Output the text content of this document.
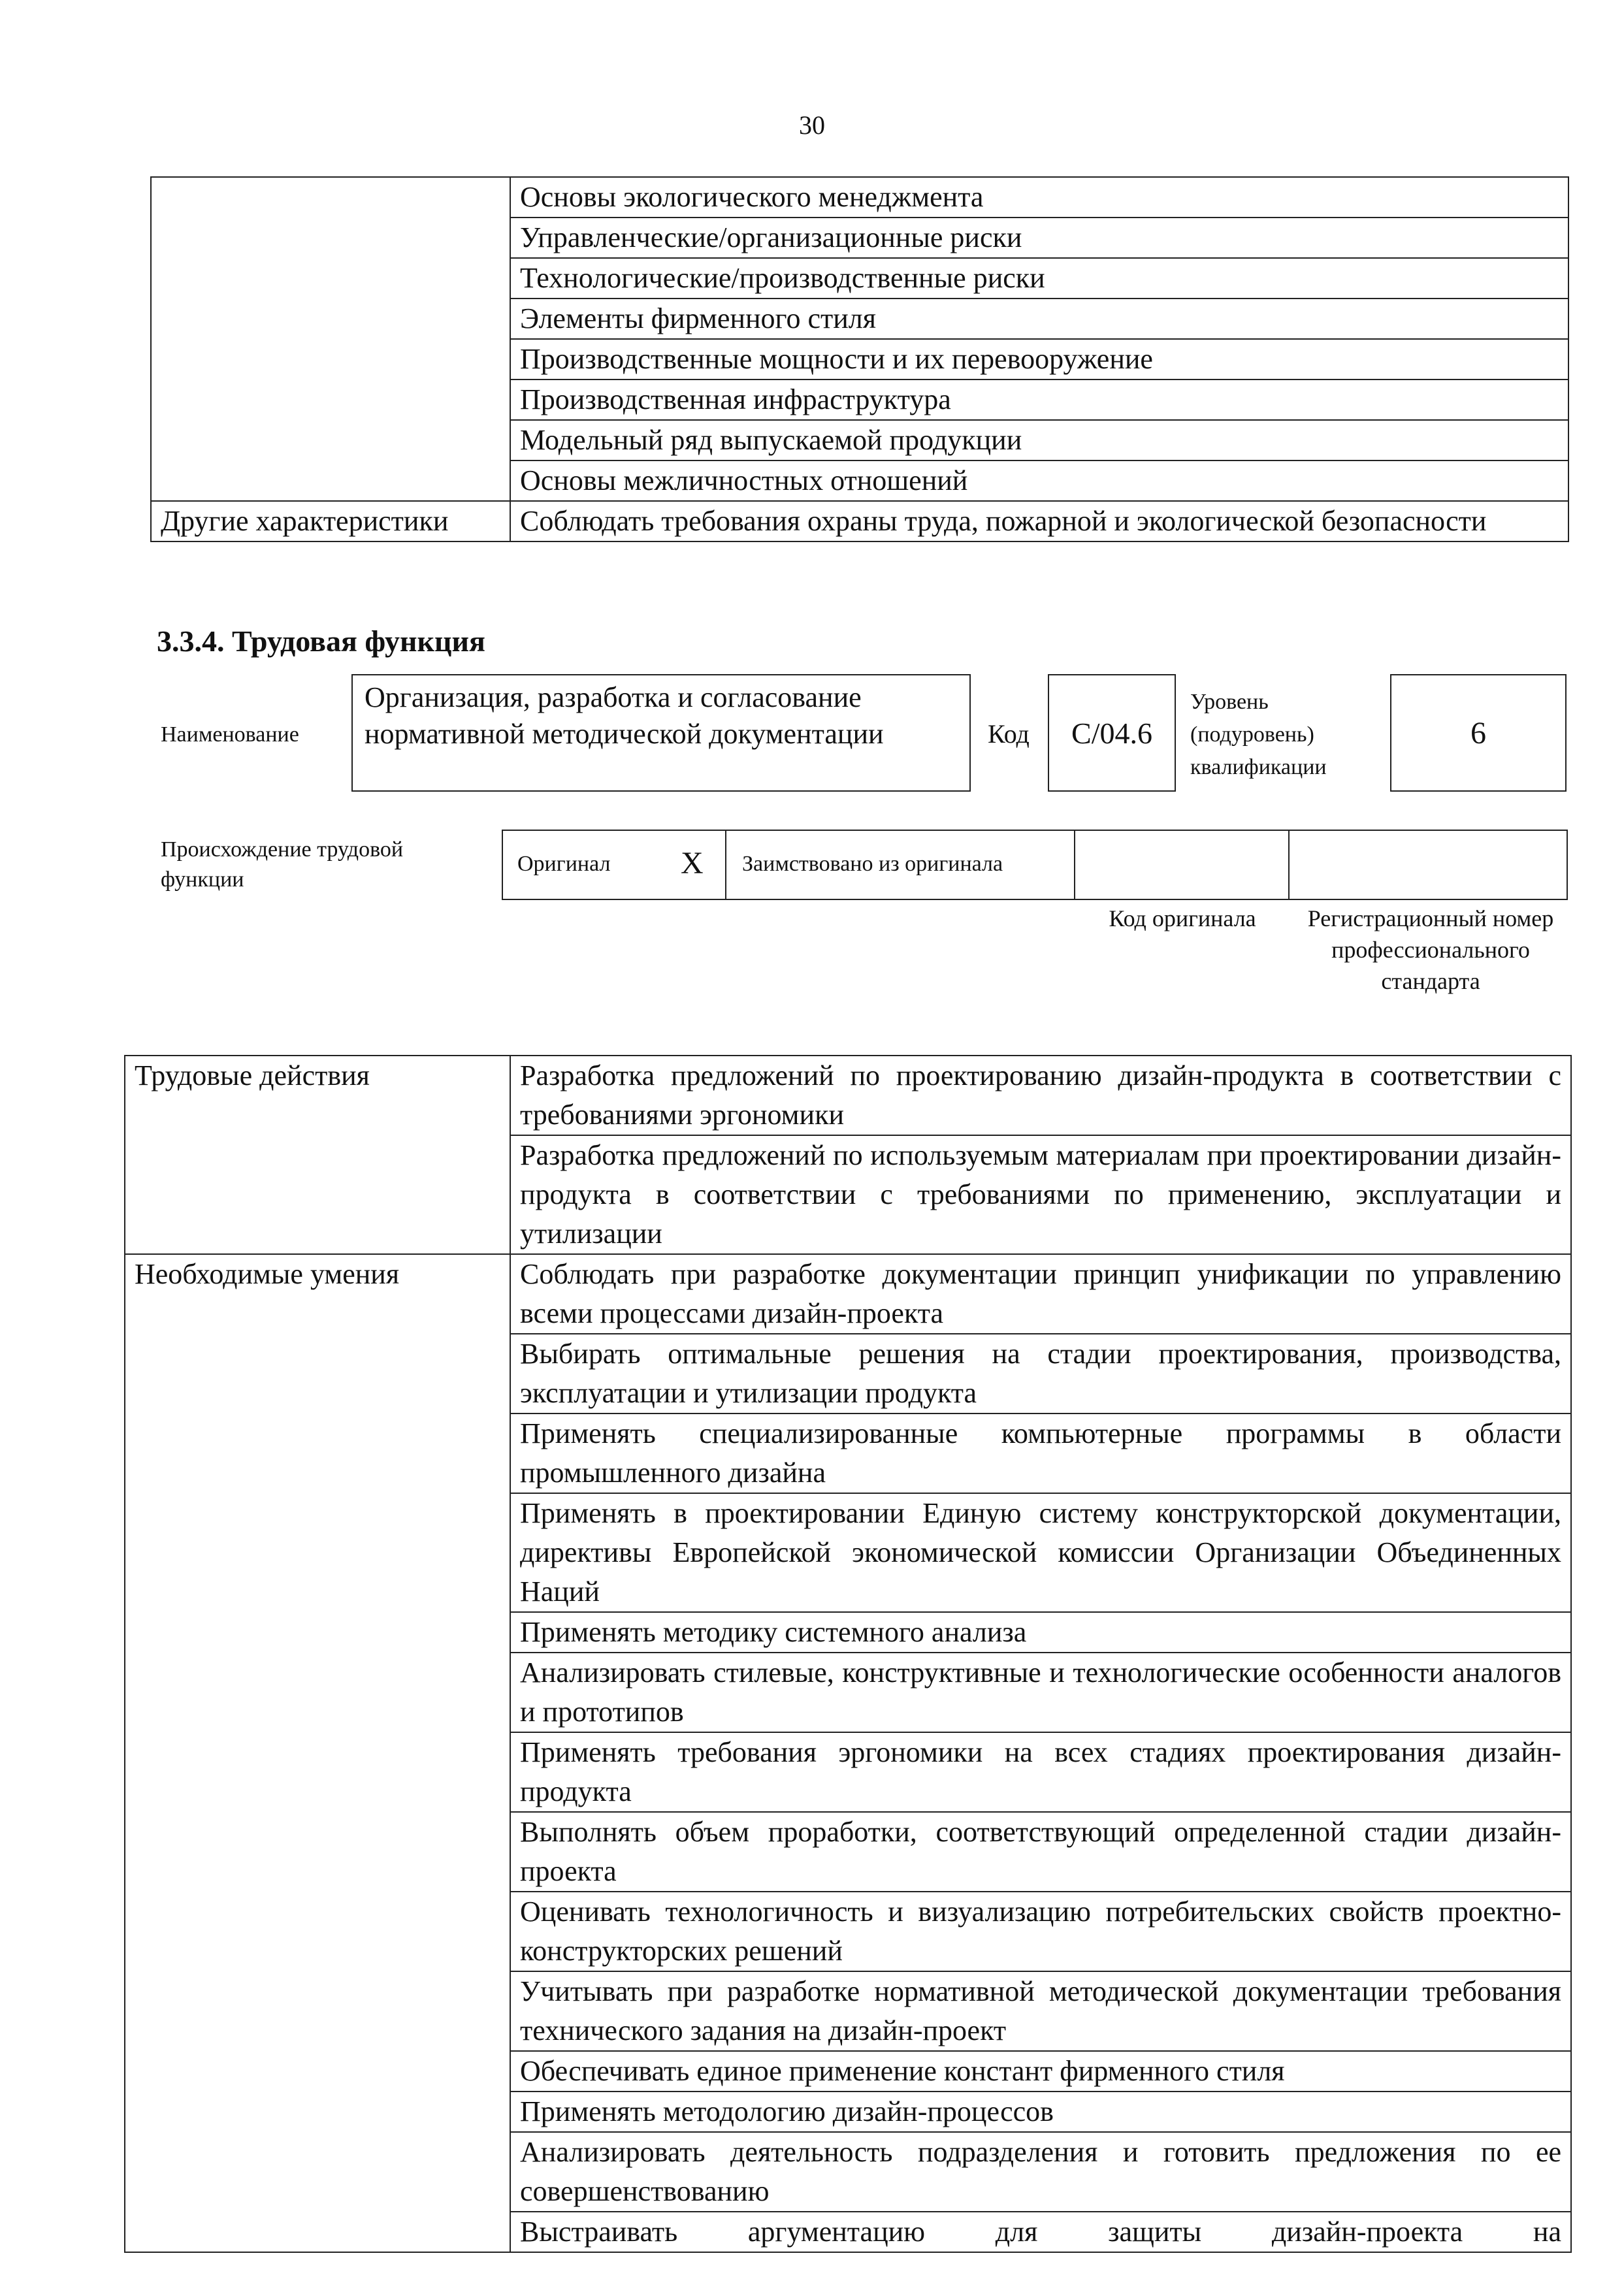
30
	Основы экологического менеджмента
	Управленческие/организационные риски
	Технологические/производственные риски
	Элементы фирменного стиля
	Производственные мощности и их перевооружение
	Производственная инфраструктура
	Модельный ряд выпускаемой продукции
	Основы межличностных отношений
Другие характеристики	Соблюдать требования охраны труда, пожарной и экологической безопасности
3.3.4. Трудовая функция
Наименование
Организация, разработка и согласование нормативной методической документации	Код	С/04.6
Уровень (подуровень) квалификации
6
Происхождение трудовой функции
Оригинал X Заимствовано из оригинала
Код оригинала	Регистрационный номер профессионального стандарта
Трудовые действия	Разработка предложений по проектированию дизайн-продукта в соответствии с требованиями эргономики
	Разработка предложений по используемым материалам при проектировании дизайн-продукта в соответствии с требованиями по применению, эксплуатации и утилизации
Необходимые умения	Соблюдать при разработке документации принцип унификации по управлению всеми процессами дизайн-проекта
	Выбирать оптимальные решения на стадии проектирования, производства, эксплуатации и утилизации продукта
	Применять специализированные компьютерные программы в области промышленного дизайна
	Применять в проектировании Единую систему конструкторской документации, директивы Европейской экономической комиссии Организации Объединенных Наций
	Применять методику системного анализа
	Анализировать стилевые, конструктивные и технологические особенности аналогов и прототипов
	Применять требования эргономики на всех стадиях проектирования дизайн-продукта
	Выполнять объем проработки, соответствующий определенной стадии дизайн-проекта
	Оценивать технологичность и визуализацию потребительских свойств проектно-конструкторских решений
	Учитывать при разработке нормативной методической документации требования технического задания на дизайн-проект
	Обеспечивать единое применение констант фирменного стиля
	Применять методологию дизайн-процессов
	Анализировать деятельность подразделения и готовить предложения по ее совершенствованию
	Выстраивать аргументацию для защиты дизайн-проекта на
